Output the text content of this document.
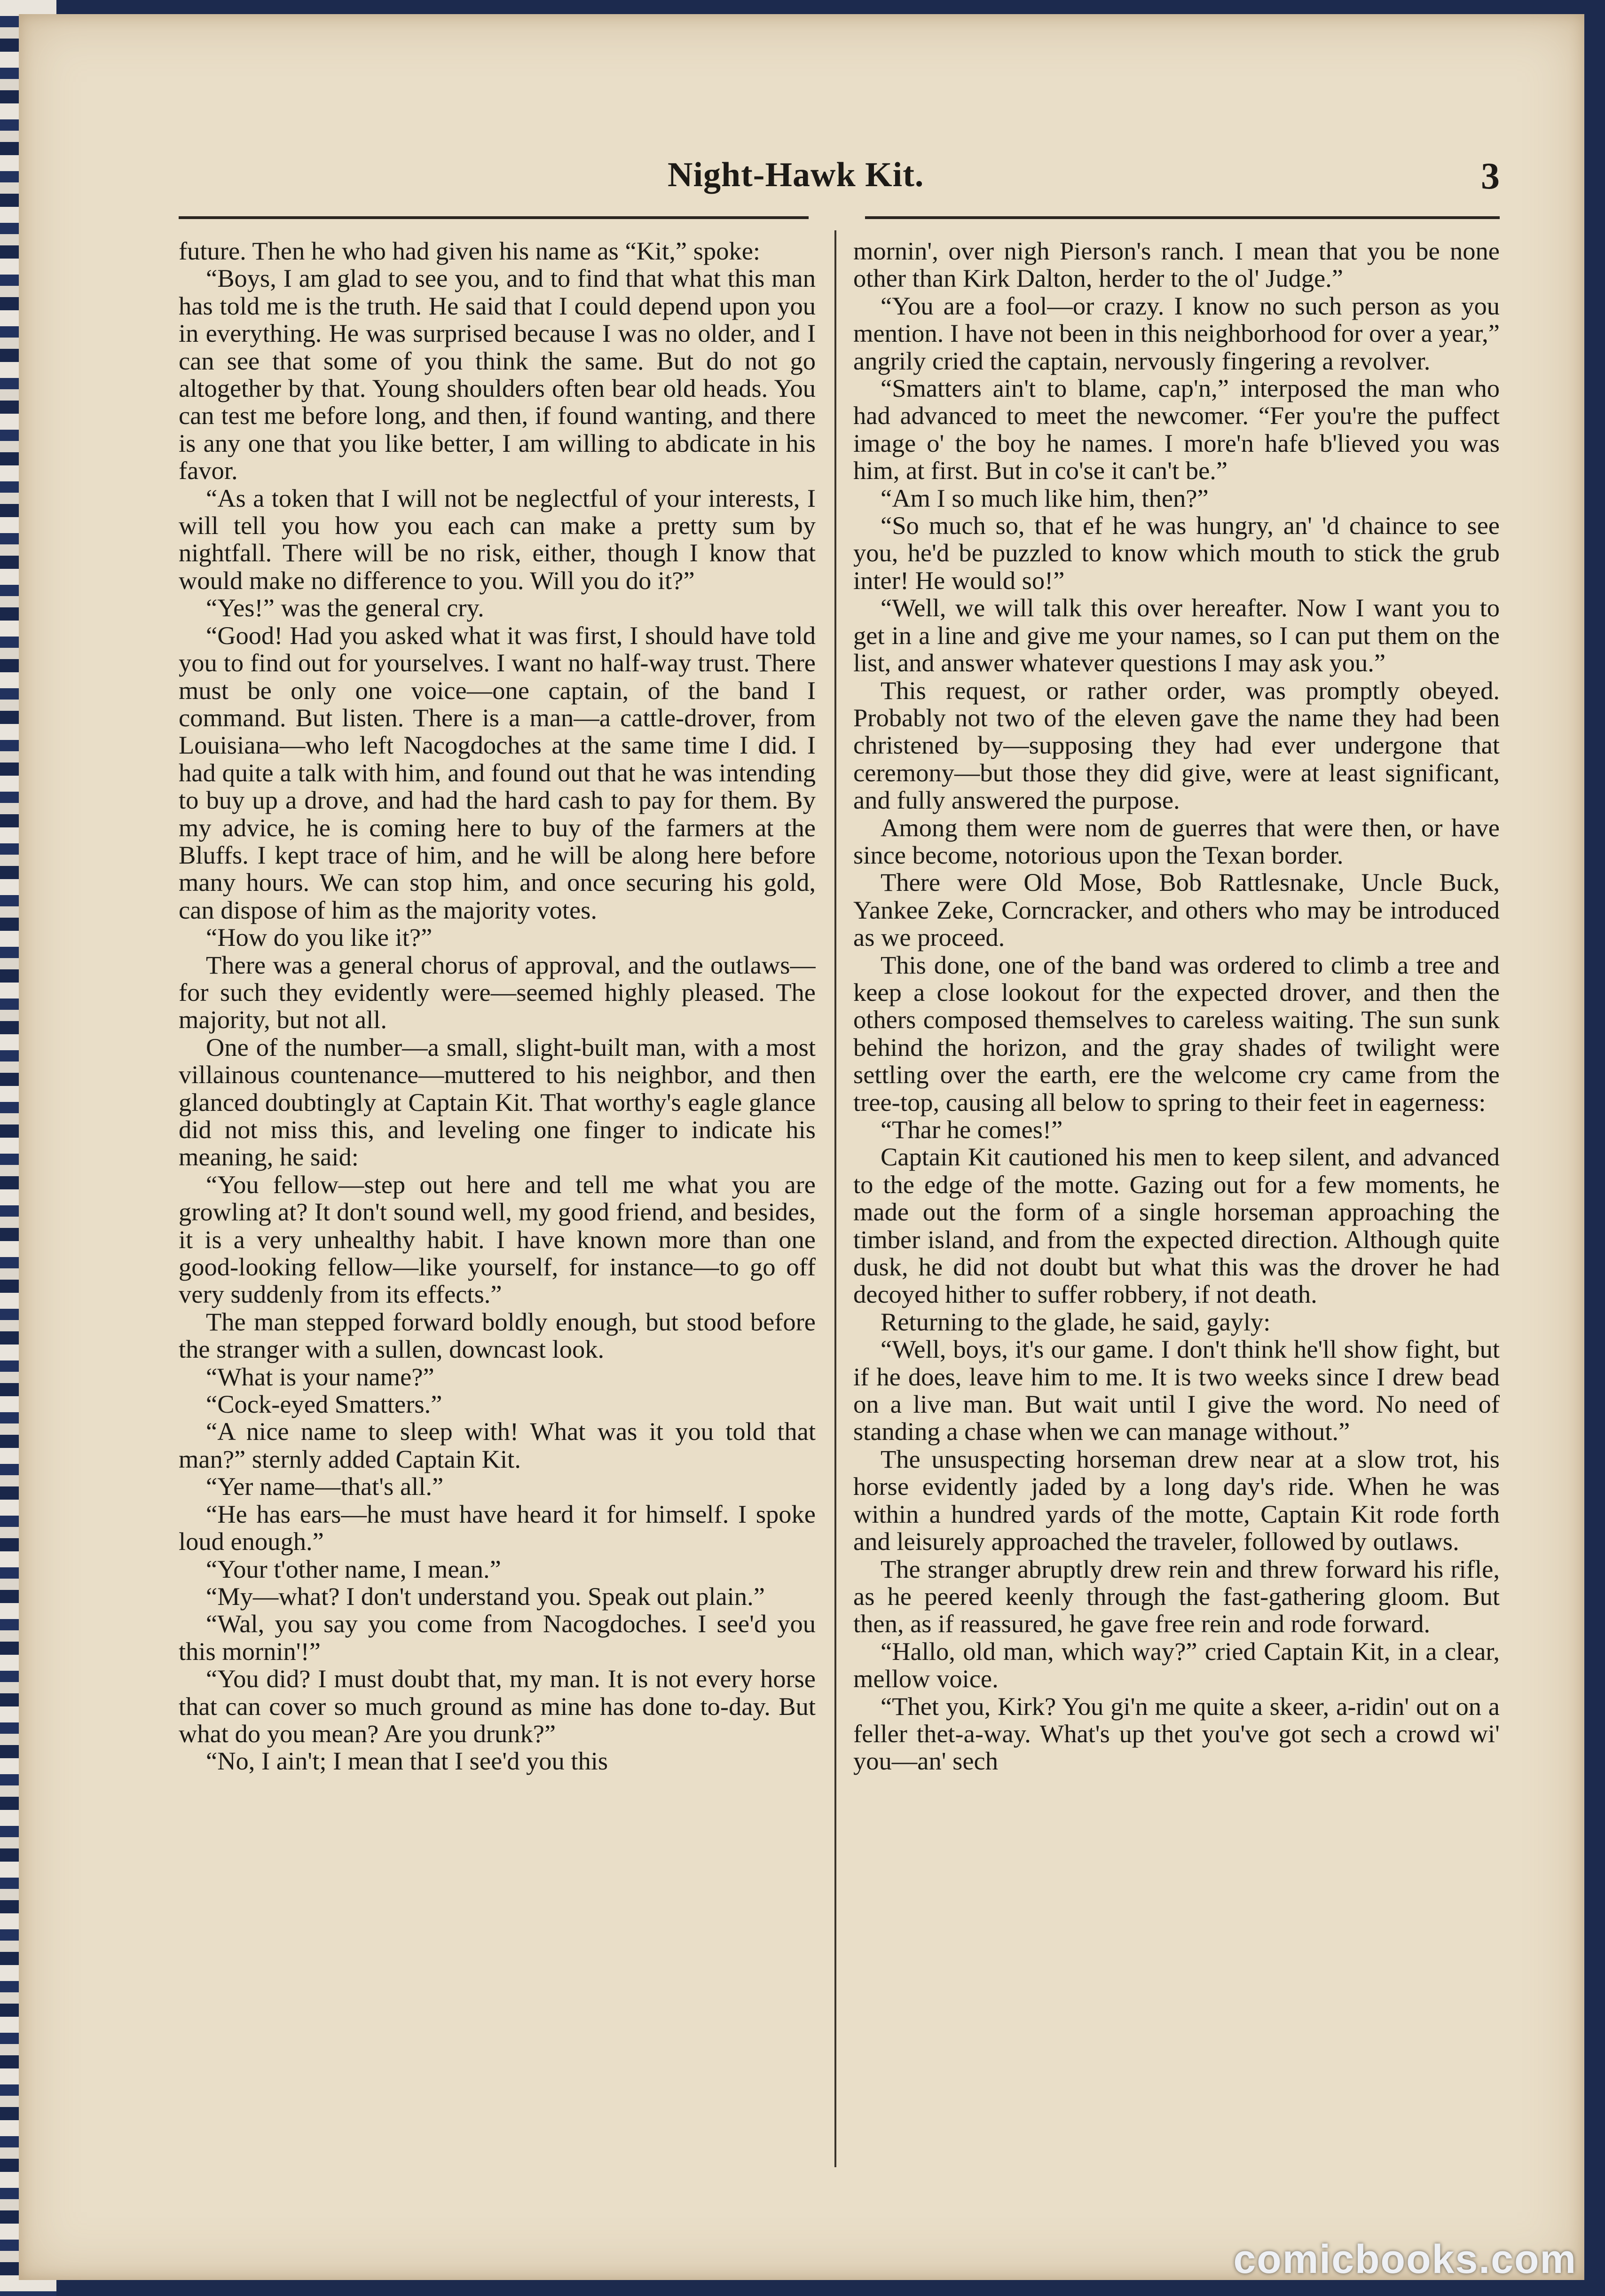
Night-Hawk Kit.	3

future. Then he who had given his name as “Kit,” spoke:

“Boys, I am glad to see you, and to find that what this man has told me is the truth. He said that I could depend upon you in everything. He was surprised because I was no older, and I can see that some of you think the same. But do not go altogether by that. Young shoulders often bear old heads. You can test me before long, and then, if found wanting, and there is any one that you like better, I am willing to abdicate in his favor.

“As a token that I will not be neglectful of your interests, I will tell you how you each can make a pretty sum by nightfall. There will be no risk, either, though I know that would make no difference to you. Will you do it?”

“Yes!” was the general cry.

“Good! Had you asked what it was first, I should have told you to find out for yourselves. I want no half-way trust. There must be only one voice—one captain, of the band I command. But listen. There is a man—a cattle-drover, from Louisiana—who left Nacogdoches at the same time I did. I had quite a talk with him, and found out that he was intending to buy up a drove, and had the hard cash to pay for them. By my advice, he is coming here to buy of the farmers at the Bluffs. I kept trace of him, and he will be along here before many hours. We can stop him, and once securing his gold, can dispose of him as the majority votes.

“How do you like it?”

There was a general chorus of approval, and the outlaws—for such they evidently were—seemed highly pleased. The majority, but not all.

One of the number—a small, slight-built man, with a most villainous countenance—muttered to his neighbor, and then glanced doubtingly at Captain Kit. That worthy's eagle glance did not miss this, and leveling one finger to indicate his meaning, he said:

“You fellow—step out here and tell me what you are growling at? It don't sound well, my good friend, and besides, it is a very unhealthy habit. I have known more than one good-looking fellow—like yourself, for instance—to go off very suddenly from its effects.”

The man stepped forward boldly enough, but stood before the stranger with a sullen, downcast look.

“What is your name?”

“Cock-eyed Smatters.”

“A nice name to sleep with! What was it you told that man?” sternly added Captain Kit.

“Yer name—that's all.”

“He has ears—he must have heard it for himself. I spoke loud enough.”

“Your t'other name, I mean.”

“My—what? I don't understand you. Speak out plain.”

“Wal, you say you come from Nacogdoches. I see'd you this mornin'!”

“You did? I must doubt that, my man. It is not every horse that can cover so much ground as mine has done to-day. But what do you mean? Are you drunk?”

“No, I ain't; I mean that I see'd you this

mornin', over nigh Pierson's ranch. I mean that you be none other than Kirk Dalton, herder to the ol' Judge.”

“You are a fool—or crazy. I know no such person as you mention. I have not been in this neighborhood for over a year,” angrily cried the captain, nervously fingering a revolver.

“Smatters ain't to blame, cap'n,” interposed the man who had advanced to meet the newcomer. “Fer you're the puffect image o' the boy he names. I more'n hafe b'lieved you was him, at first. But in co'se it can't be.”

“Am I so much like him, then?”

“So much so, that ef he was hungry, an' 'd chaince to see you, he'd be puzzled to know which mouth to stick the grub inter! He would so!”

“Well, we will talk this over hereafter. Now I want you to get in a line and give me your names, so I can put them on the list, and answer whatever questions I may ask you.”

This request, or rather order, was promptly obeyed. Probably not two of the eleven gave the name they had been christened by—supposing they had ever undergone that ceremony—but those they did give, were at least significant, and fully answered the purpose.

Among them were nom de guerres that were then, or have since become, notorious upon the Texan border.

There were Old Mose, Bob Rattlesnake, Uncle Buck, Yankee Zeke, Corncracker, and others who may be introduced as we proceed.

This done, one of the band was ordered to climb a tree and keep a close lookout for the expected drover, and then the others composed themselves to careless waiting. The sun sunk behind the horizon, and the gray shades of twilight were settling over the earth, ere the welcome cry came from the tree-top, causing all below to spring to their feet in eagerness:

“Thar he comes!”

Captain Kit cautioned his men to keep silent, and advanced to the edge of the motte. Gazing out for a few moments, he made out the form of a single horseman approaching the timber island, and from the expected direction. Although quite dusk, he did not doubt but what this was the drover he had decoyed hither to suffer robbery, if not death.

Returning to the glade, he said, gayly:

“Well, boys, it's our game. I don't think he'll show fight, but if he does, leave him to me. It is two weeks since I drew bead on a live man. But wait until I give the word. No need of standing a chase when we can manage without.”

The unsuspecting horseman drew near at a slow trot, his horse evidently jaded by a long day's ride. When he was within a hundred yards of the motte, Captain Kit rode forth and leisurely approached the traveler, followed by outlaws.

The stranger abruptly drew rein and threw forward his rifle, as he peered keenly through the fast-gathering gloom. But then, as if reassured, he gave free rein and rode forward.

“Hallo, old man, which way?” cried Captain Kit, in a clear, mellow voice.

“Thet you, Kirk? You gi'n me quite a skeer, a-ridin' out on a feller thet-a-way. What's up thet you've got sech a crowd wi' you—an' sech

comicbooks.com
